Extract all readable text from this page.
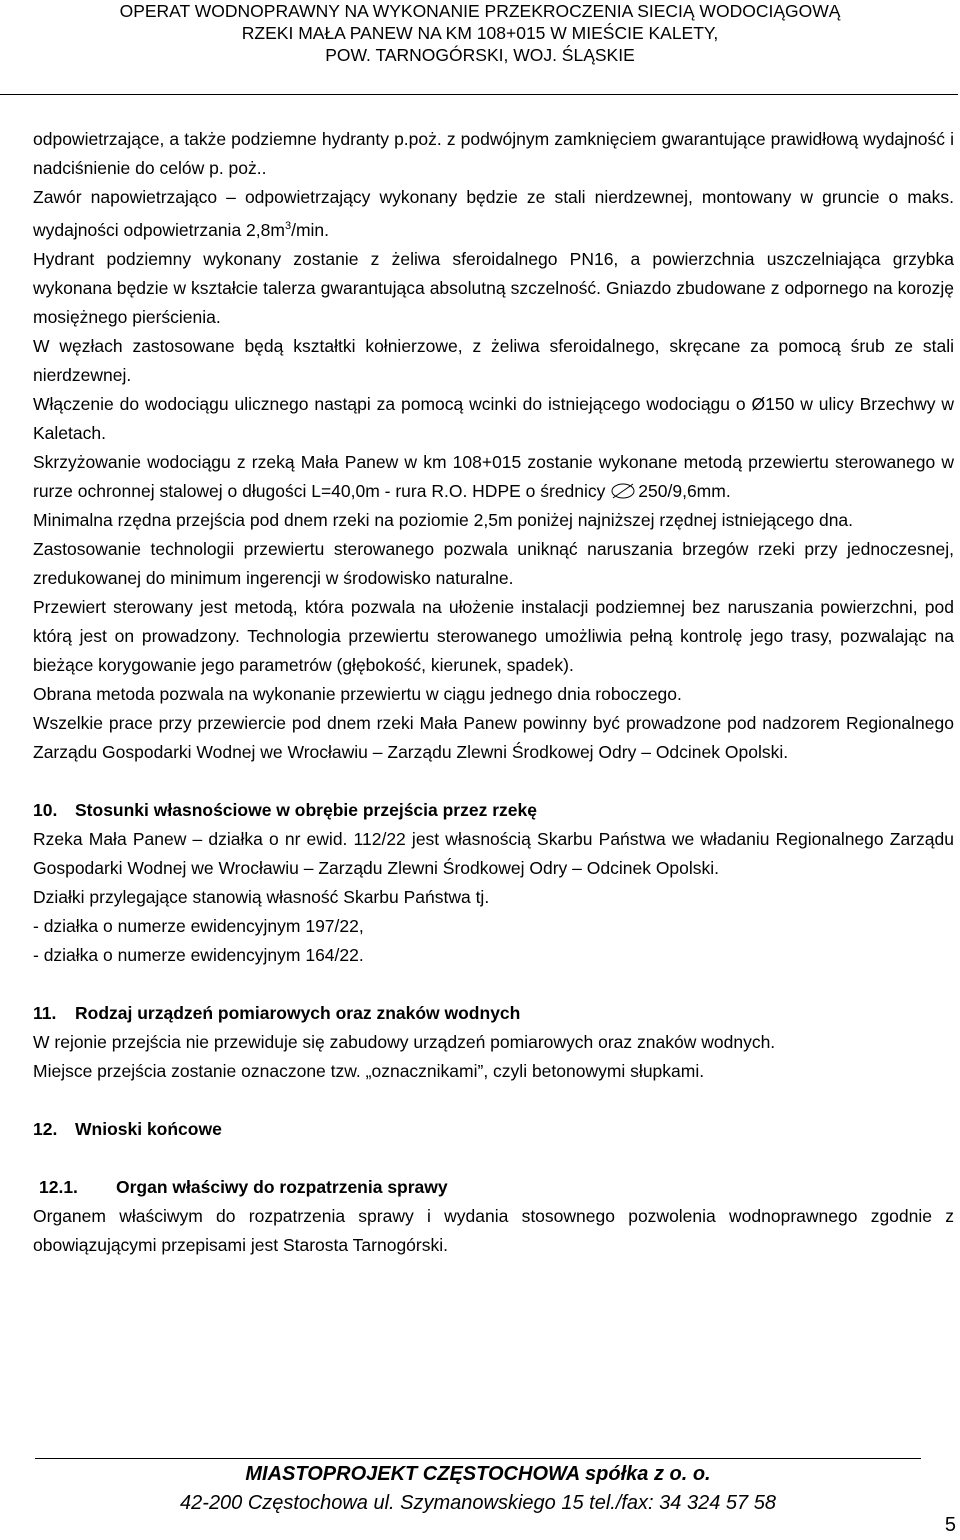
OPERAT WODNOPRAWNY NA WYKONANIE PRZEKROCZENIA SIECIĄ WODOCIĄGOWĄ
RZEKI MAŁA PANEW NA KM 108+015 W MIEŚCIE KALETY,
POW. TARNOGÓRSKI, WOJ. ŚLĄSKIE

odpowietrzające, a także podziemne hydranty p.poż. z podwójnym zamknięciem gwarantujące prawidłową wydajność i nadciśnienie do celów p. poż..

Zawór napowietrzająco – odpowietrzający wykonany będzie ze stali nierdzewnej, montowany w gruncie o maks. wydajności odpowietrzania $2,8m^3/\min$.

Hydrant podziemny wykonany zostanie z żeliwa sferoidalnego PN16, a powierzchnia uszczelniająca grzybka wykonana będzie w kształcie talerza gwarantująca absolutną szczelność. Gniazdo zbudowane z odpornego na korozję mosiężnego pierścienia.

W węzłach zastosowane będą kształtki kołnierzowe, z żeliwa sferoidalnego, skręcane za pomocą śrub ze stali nierdzewnej.

Włączenie do wodociągu ulicznego nastąpi za pomocą wcinki do istniejącego wodociągu o Ø150 w ulicy Brzechwy w Kaletach.

Skrzyżowanie wodociągu z rzeką Mała Panew w km 108+015 zostanie wykonane metodą przewiertu sterowanego w rurze ochronnej stalowej o długości L=40,0m - rura R.O. HDPE o średnicy 250/9,6mm.

Minimalna rzędna przejścia pod dnem rzeki na poziomie 2,5m poniżej najniższej rzędnej istniejącego dna.

Zastosowanie technologii przewiertu sterowanego pozwala uniknąć naruszania brzegów rzeki przy jednoczesnej, zredukowanej do minimum ingerencji w środowisko naturalne.

Przewiert sterowany jest metodą, która pozwala na ułożenie instalacji podziemnej bez naruszania powierzchni, pod którą jest on prowadzony. Technologia przewiertu sterowanego umożliwia pełną kontrolę jego trasy, pozwalając na bieżące korygowanie jego parametrów (głębokość, kierunek, spadek).

Obrana metoda pozwala na wykonanie przewiertu w ciągu jednego dnia roboczego.

Wszelkie prace przy przewiercie pod dnem rzeki Mała Panew powinny być prowadzone pod nadzorem Regionalnego Zarządu Gospodarki Wodnej we Wrocławiu – Zarządu Zlewni Środkowej Odry – Odcinek Opolski.

10. Stosunki własnościowe w obrębie przejścia przez rzekę

Rzeka Mała Panew – działka o nr ewid. 112/22 jest własnością Skarbu Państwa we władaniu Regionalnego Zarządu Gospodarki Wodnej we Wrocławiu – Zarządu Zlewni Środkowej Odry – Odcinek Opolski.

Działki przylegające stanowią własność Skarbu Państwa tj.

- działka o numerze ewidencyjnym 197/22,

- działka o numerze ewidencyjnym 164/22.

11. Rodzaj urządzeń pomiarowych oraz znaków wodnych

W rejonie przejścia nie przewiduje się zabudowy urządzeń pomiarowych oraz znaków wodnych.

Miejsce przejścia zostanie oznaczone tzw. „oznacznikami”, czyli betonowymi słupkami.

12. Wnioski końcowe

12.1. Organ właściwy do rozpatrzenia sprawy

Organem właściwym do rozpatrzenia sprawy i wydania stosownego pozwolenia wodnoprawnego zgodnie z obowiązującymi przepisami jest Starosta Tarnogórski.

MIASTOPROJEKT CZĘSTOCHOWA spółka z o. o.
42-200 Częstochowa ul. Szymanowskiego 15 tel./fax: 34 324 57 58
5
